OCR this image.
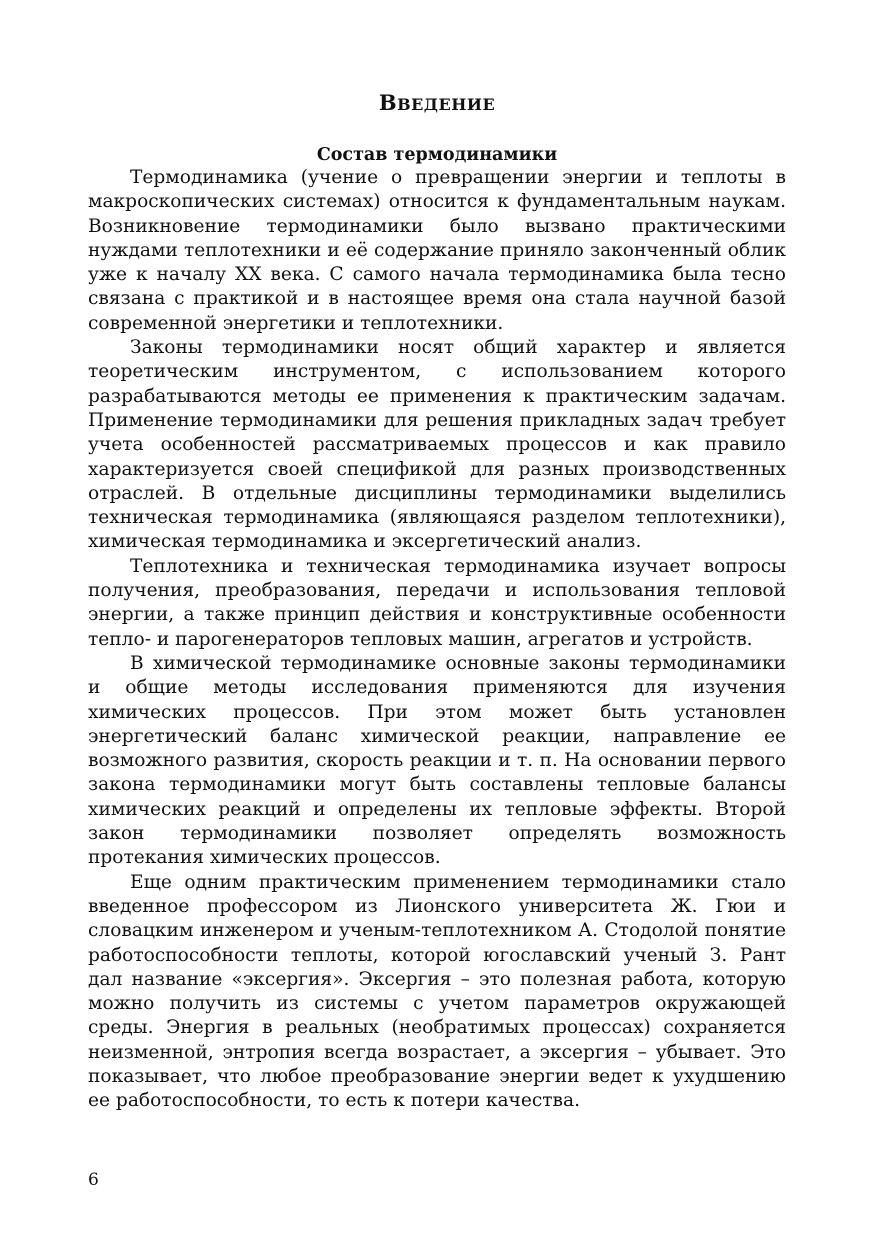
ВВЕДЕНИЕ
Состав термодинамики

Термодинамика (учение о превращении энергии и теплоты в макроскопических системах) относится к фундаментальным наукам. Возникновение термодинамики было вызвано практическими нуждами теплотехники и её содержание приняло законченный облик уже к началу XX века. С самого начала термодинамика была тесно связана с практикой и в настоящее время она стала научной базой современной энергетики и теплотехники.

Законы термодинамики носят общий характер и является теоретическим инструментом, с использованием которого разрабатываются методы ее применения к практическим задачам. Применение термодинамики для решения прикладных задач требует учета особенностей рассматриваемых процессов и как правило характеризуется своей спецификой для разных производственных отраслей. В отдельные дисциплины термодинамики выделились техническая термодинамика (являющаяся разделом теплотехники), химическая термодинамика и эксергетический анализ.

Теплотехника и техническая термодинамика изучает вопросы получения, преобразования, передачи и использования тепловой энергии, а также принцип действия и конструктивные особенности тепло- и парогенераторов тепловых машин, агрегатов и устройств.

В химической термодинамике основные законы термодинамики и общие методы исследования применяются для изучения химических процессов. При этом может быть установлен энергетический баланс химической реакции, направление ее возможного развития, скорость реакции и т. п. На основании первого закона термодинамики могут быть составлены тепловые балансы химических реакций и определены их тепловые эффекты. Второй закон термодинамики позволяет определять возможность протекания химических процессов.

Еще одним практическим применением термодинамики стало введенное профессором из Лионского университета Ж. Гюи и словацким инженером и ученым-теплотехником А. Стодолой понятие работоспособности теплоты, которой югославский ученый З. Рант дал название «эксергия». Эксергия – это полезная работа, которую можно получить из системы с учетом параметров окружающей среды. Энергия в реальных (необратимых процессах) сохраняется неизменной, энтропия всегда возрастает, а эксергия – убывает. Это показывает, что любое преобразование энергии ведет к ухудшению ее работоспособности, то есть к потери качества.

6
